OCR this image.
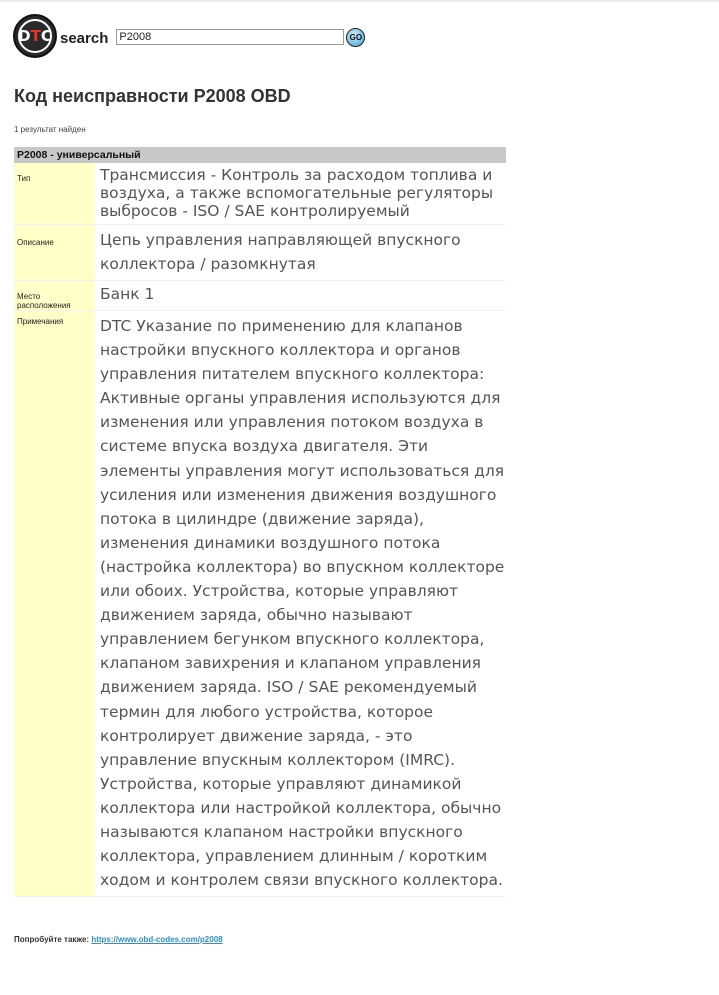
D T C search
P2008	GO
Код неисправности P2008 OBD
1 результат найден
P2008 - универсальный	
Тип	Трансмиссия - Контроль за расходом топлива и воздуха, а также вспомогательные регуляторы выбросов - ISO / SAE контролируемый
Описание	Цепь управления направляющей впускного коллектора / разомкнутая
Место расположения	Банк 1
Примечания	DTC Указание по применению для клапанов настройки впускного коллектора и органов управления питателем впускного коллектора: Активные органы управления используются для изменения или управления потоком воздуха в системе впуска воздуха двигателя. Эти элементы управления могут использоваться для усиления или изменения движения воздушного потока в цилиндре (движение заряда), изменения динамики воздушного потока (настройка коллектора) во впускном коллекторе или обоих. Устройства, которые управляют движением заряда, обычно называют управлением бегунком впускного коллектора, клапаном завихрения и клапаном управления движением заряда. ISO / SAE рекомендуемый термин для любого устройства, которое контролирует движение заряда, - это управление впускным коллектором (IMRC). Устройства, которые управляют динамикой коллектора или настройкой коллектора, обычно называются клапаном настройки впускного коллектора, управлением длинным / коротким ходом и контролем связи впускного коллектора.
Попробуйте также: https://www.obd-codes.com/p2008
